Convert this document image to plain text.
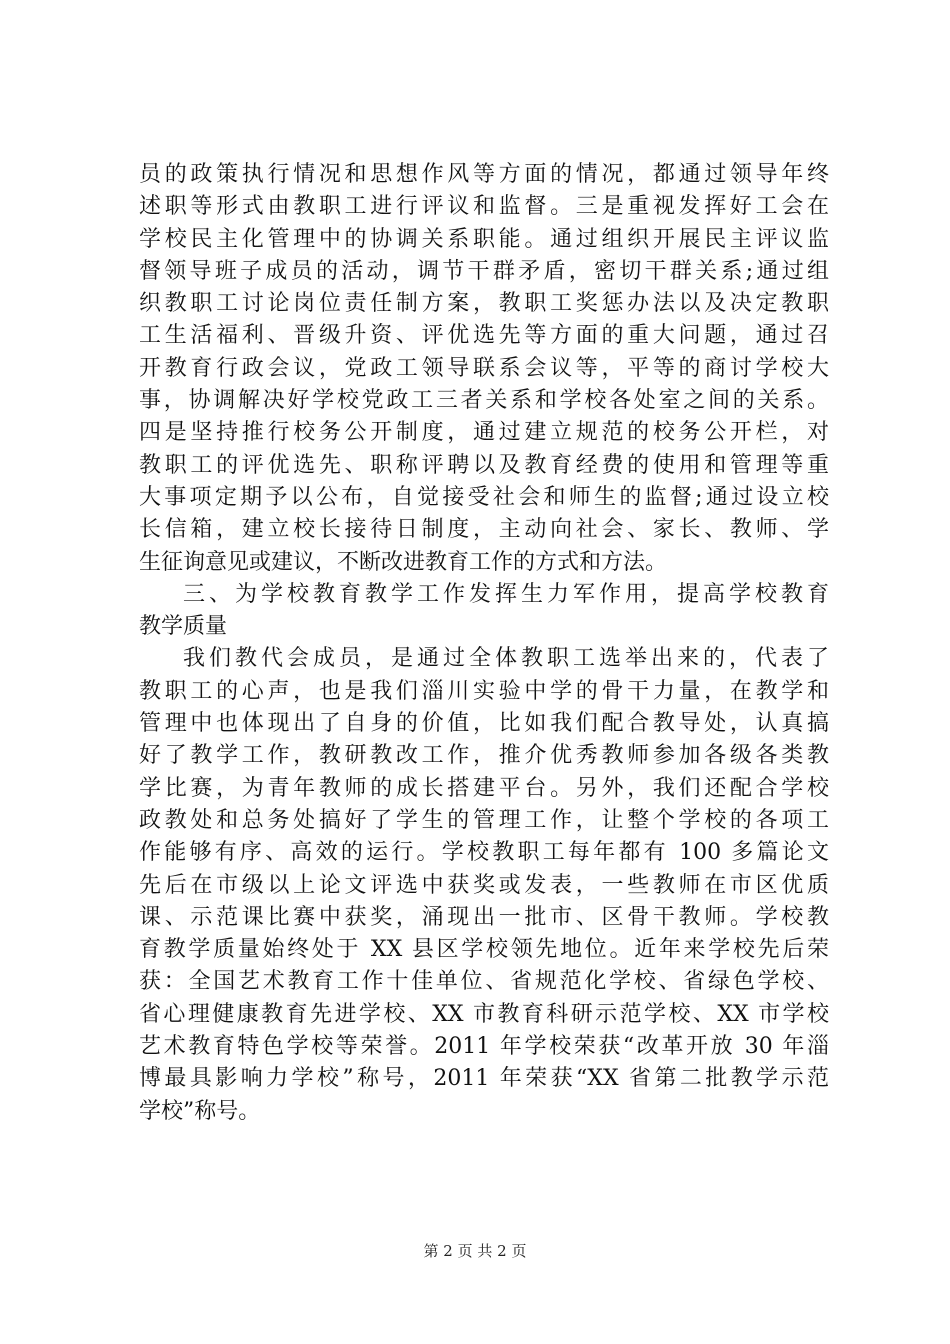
员的政策执行情况和思想作风等方面的情况，都通过领导年终
述职等形式由教职工进行评议和监督。三是重视发挥好工会在
学校民主化管理中的协调关系职能。通过组织开展民主评议监
督领导班子成员的活动，调节干群矛盾，密切干群关系;通过组
织教职工讨论岗位责任制方案，教职工奖惩办法以及决定教职
工生活福利、晋级升资、评优选先等方面的重大问题，通过召
开教育行政会议，党政工领导联系会议等，平等的商讨学校大
事，协调解决好学校党政工三者关系和学校各处室之间的关系。
四是坚持推行校务公开制度，通过建立规范的校务公开栏，对
教职工的评优选先、职称评聘以及教育经费的使用和管理等重
大事项定期予以公布，自觉接受社会和师生的监督;通过设立校
长信箱，建立校长接待日制度，主动向社会、家长、教师、学
生征询意见或建议，不断改进教育工作的方式和方法。
三、为学校教育教学工作发挥生力军作用，提高学校教育
教学质量
我们教代会成员，是通过全体教职工选举出来的，代表了
教职工的心声，也是我们淄川实验中学的骨干力量，在教学和
管理中也体现出了自身的价值，比如我们配合教导处，认真搞
好了教学工作，教研教改工作，推介优秀教师参加各级各类教
学比赛，为青年教师的成长搭建平台。另外，我们还配合学校
政教处和总务处搞好了学生的管理工作，让整个学校的各项工
作能够有序、高效的运行。学校教职工每年都有 100 多篇论文
先后在市级以上论文评选中获奖或发表，一些教师在市区优质
课、示范课比赛中获奖，涌现出一批市、区骨干教师。学校教
育教学质量始终处于 XX 县区学校领先地位。近年来学校先后荣
获：全国艺术教育工作十佳单位、省规范化学校、省绿色学校、
省心理健康教育先进学校、XX 市教育科研示范学校、XX 市学校
艺术教育特色学校等荣誉。2011 年学校荣获“改革开放 30 年淄
博最具影响力学校”称号，2011 年荣获“XX 省第二批教学示范
学校”称号。
第 2 页 共 2 页
